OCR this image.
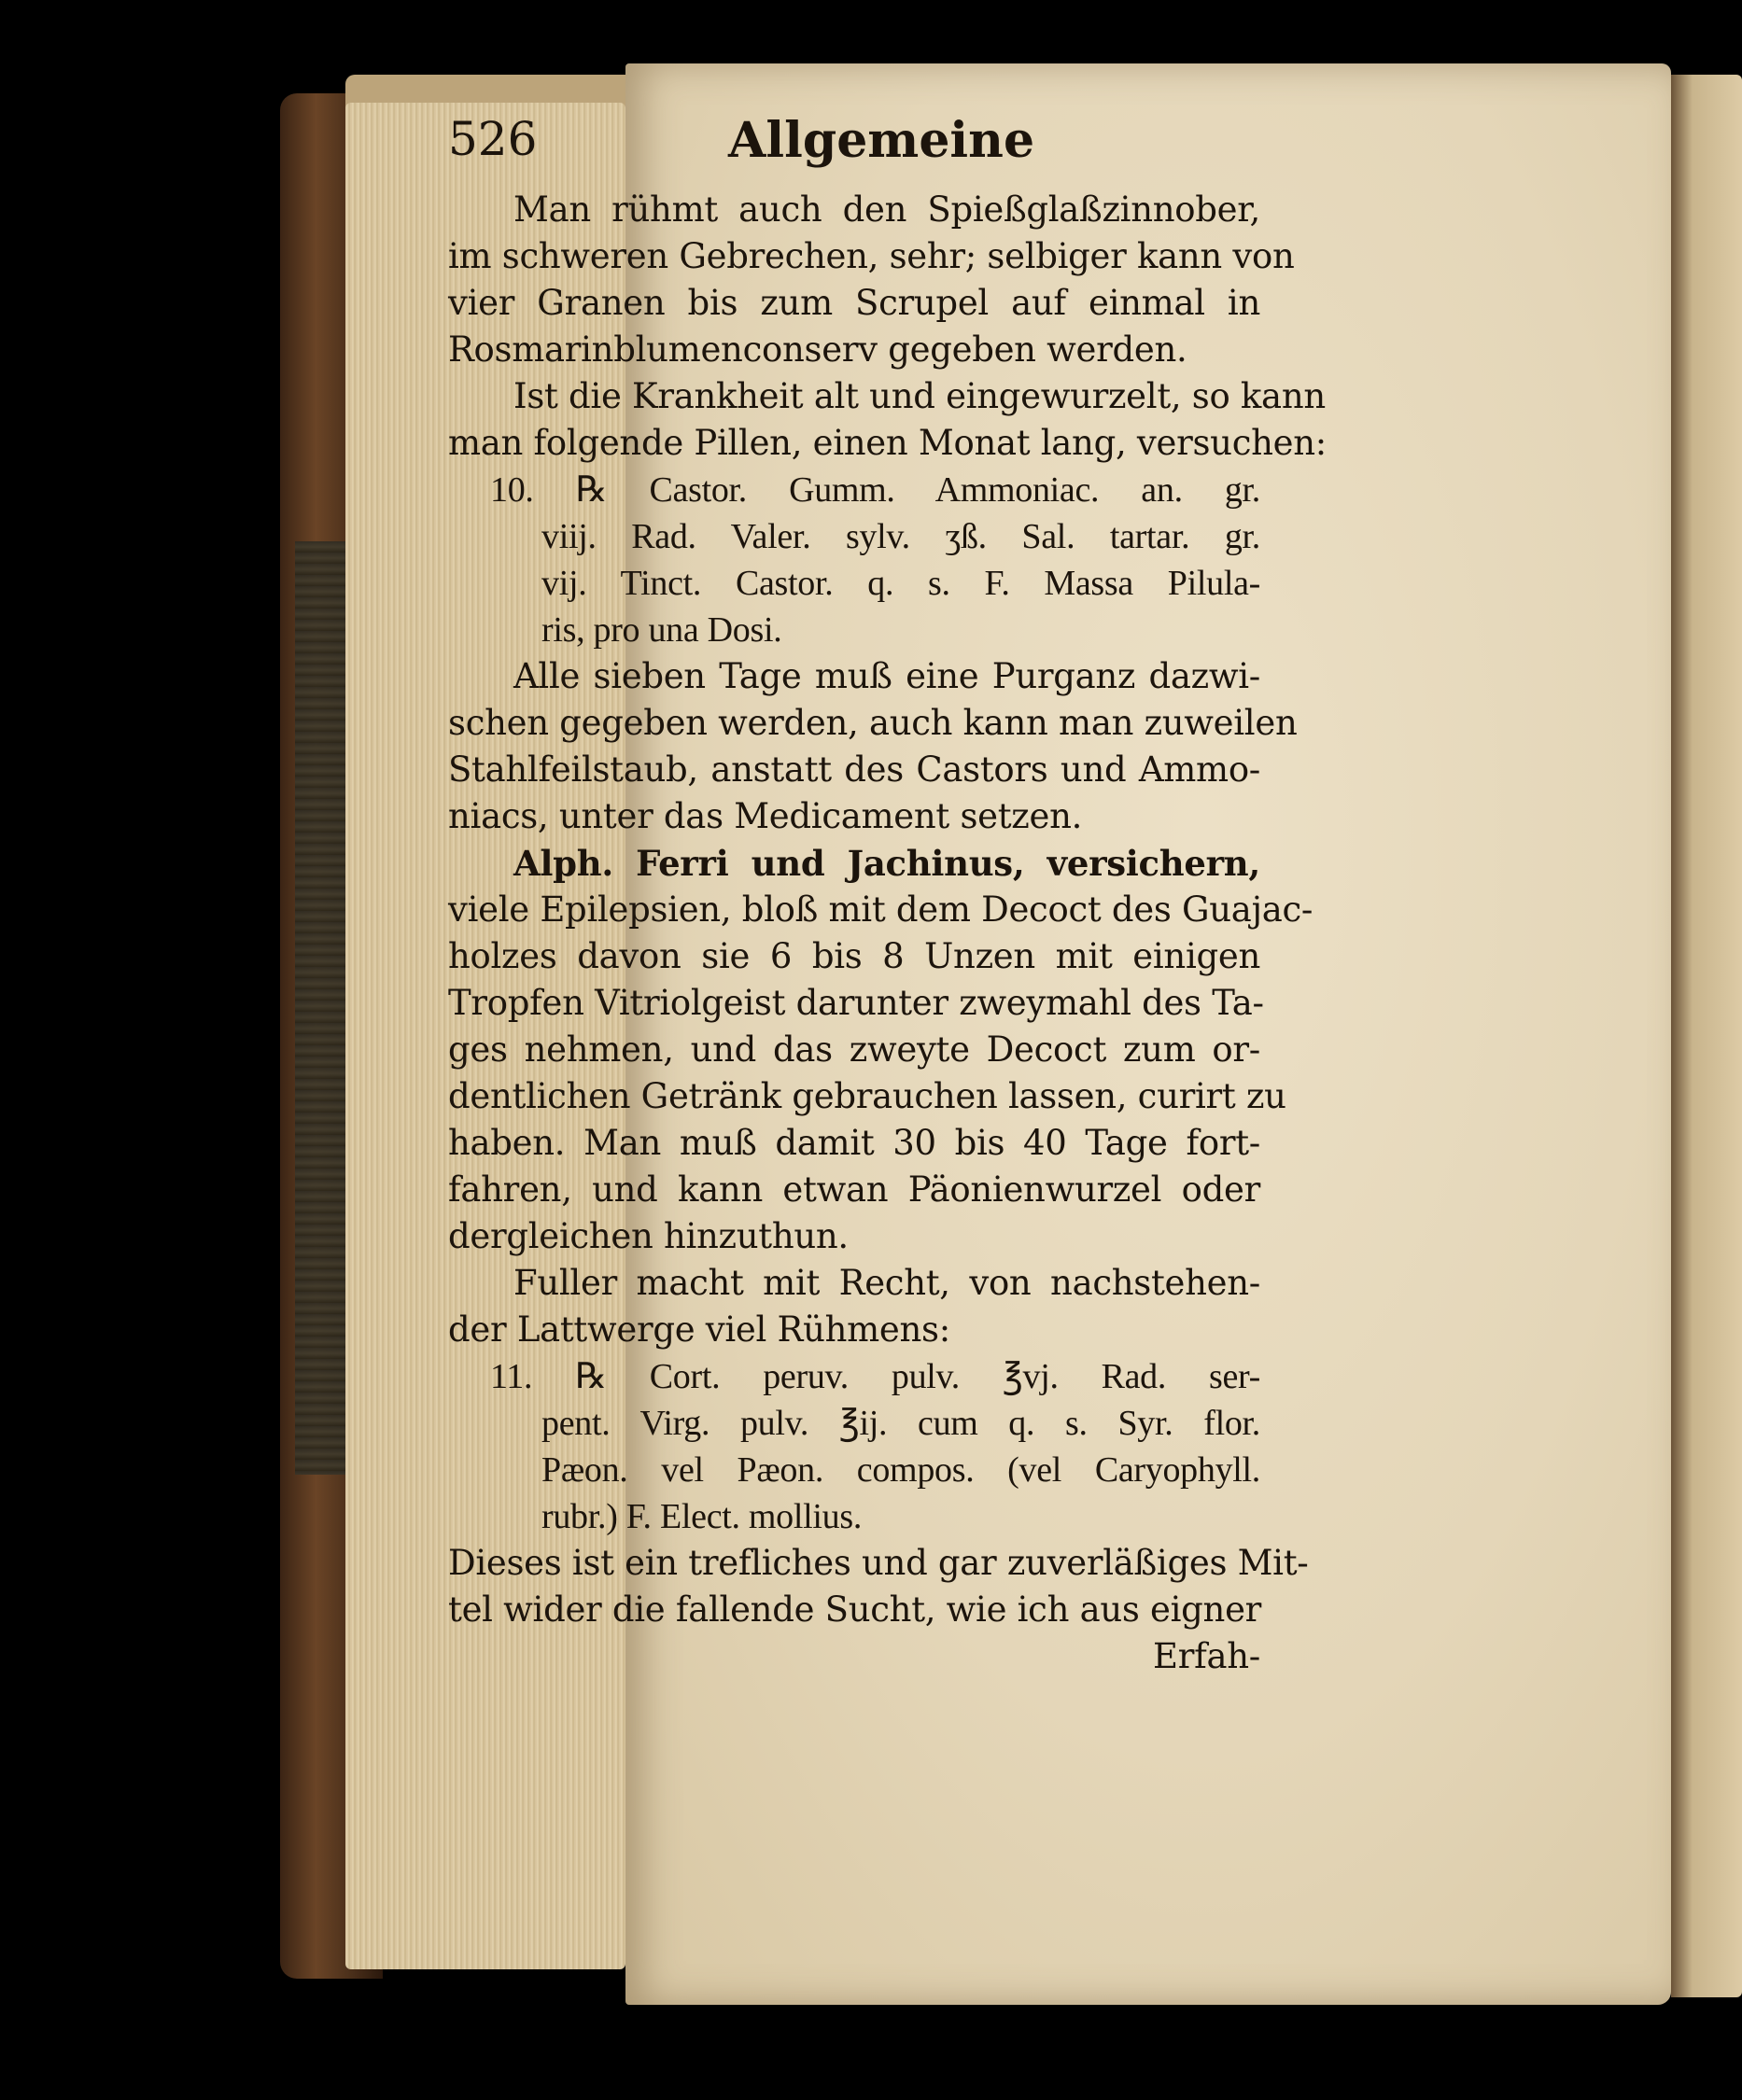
526	Allgemeine
Man rühmt auch den Spießglaßzinnober,
im schweren Gebrechen, sehr; selbiger kann von
vier Granen bis zum Scrupel auf einmal in
Rosmarinblumenconserv gegeben werden.
Ist die Krankheit alt und eingewurzelt, so kann
man folgende Pillen, einen Monat lang, versuchen:
10. ℞ Castor. Gumm. Ammoniac. an. gr.
viij. Rad. Valer. sylv. ʒß. Sal. tartar. gr.
vij. Tinct. Castor. q. s. F. Massa Pilula-
ris, pro una Dosi.
Alle sieben Tage muß eine Purganz dazwi-
schen gegeben werden, auch kann man zuweilen
Stahlfeilstaub, anstatt des Castors und Ammo-
niacs, unter das Medicament setzen.
Alph. Ferri und Jachinus, versichern,
viele Epilepsien, bloß mit dem Decoct des Guajac-
holzes davon sie 6 bis 8 Unzen mit einigen
Tropfen Vitriolgeist darunter zweymahl des Ta-
ges nehmen, und das zweyte Decoct zum or-
dentlichen Getränk gebrauchen lassen, curirt zu
haben. Man muß damit 30 bis 40 Tage fort-
fahren, und kann etwan Päonienwurzel oder
dergleichen hinzuthun.
Fuller macht mit Recht, von nachstehen-
der Lattwerge viel Rühmens:
11. ℞ Cort. peruv. pulv. ℥vj. Rad. ser-
pent. Virg. pulv. ℥ij. cum q. s. Syr. flor.
Pæon. vel Pæon. compos. (vel Caryophyll.
rubr.) F. Elect. mollius.
Dieses ist ein trefliches und gar zuverläßiges Mit-
tel wider die fallende Sucht, wie ich aus eigner
Erfah-
